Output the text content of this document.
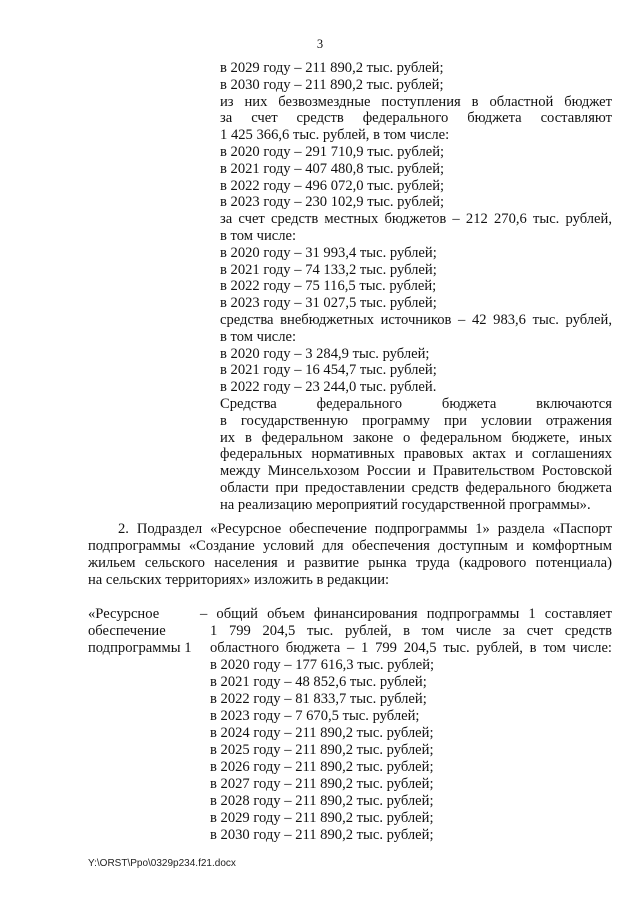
3
в 2029 году – 211 890,2 тыс. рублей;
в 2030 году – 211 890,2 тыс. рублей;
из них безвозмездные поступления в областной бюджет
за счет средств федерального бюджета составляют
1 425 366,6 тыс. рублей, в том числе:
в 2020 году – 291 710,9 тыс. рублей;
в 2021 году – 407 480,8 тыс. рублей;
в 2022 году – 496 072,0 тыс. рублей;
в 2023 году – 230 102,9 тыс. рублей;
за счет средств местных бюджетов – 212 270,6 тыс. рублей,
в том числе:
в 2020 году – 31 993,4 тыс. рублей;
в 2021 году – 74 133,2 тыс. рублей;
в 2022 году – 75 116,5 тыс. рублей;
в 2023 году – 31 027,5 тыс. рублей;
средства внебюджетных источников – 42 983,6 тыс. рублей,
в том числе:
в 2020 году – 3 284,9 тыс. рублей;
в 2021 году – 16 454,7 тыс. рублей;
в 2022 году – 23 244,0 тыс. рублей.
Средства федерального бюджета включаются
в государственную программу при условии отражения
их в федеральном законе о федеральном бюджете, иных
федеральных нормативных правовых актах и соглашениях
между Минсельхозом России и Правительством Ростовской
области при предоставлении средств федерального бюджета
на реализацию мероприятий государственной программы».
2. Подраздел «Ресурсное обеспечение подпрограммы 1» раздела «Паспорт
подпрограммы «Создание условий для обеспечения доступным и комфортным
жильем сельского населения и развитие рынка труда (кадрового потенциала)
на сельских территориях» изложить в редакции:
«Ресурсное
обеспечение
подпрограммы 1
– общий объем финансирования подпрограммы 1 составляет
1 799 204,5 тыс. рублей, в том числе за счет средств
областного бюджета – 1 799 204,5 тыс. рублей, в том числе:
в 2020 году – 177 616,3 тыс. рублей;
в 2021 году – 48 852,6 тыс. рублей;
в 2022 году – 81 833,7 тыс. рублей;
в 2023 году – 7 670,5 тыс. рублей;
в 2024 году – 211 890,2 тыс. рублей;
в 2025 году – 211 890,2 тыс. рублей;
в 2026 году – 211 890,2 тыс. рублей;
в 2027 году – 211 890,2 тыс. рублей;
в 2028 году – 211 890,2 тыс. рублей;
в 2029 году – 211 890,2 тыс. рублей;
в 2030 году – 211 890,2 тыс. рублей;
Y:\ORST\Ppo\0329p234.f21.docx
